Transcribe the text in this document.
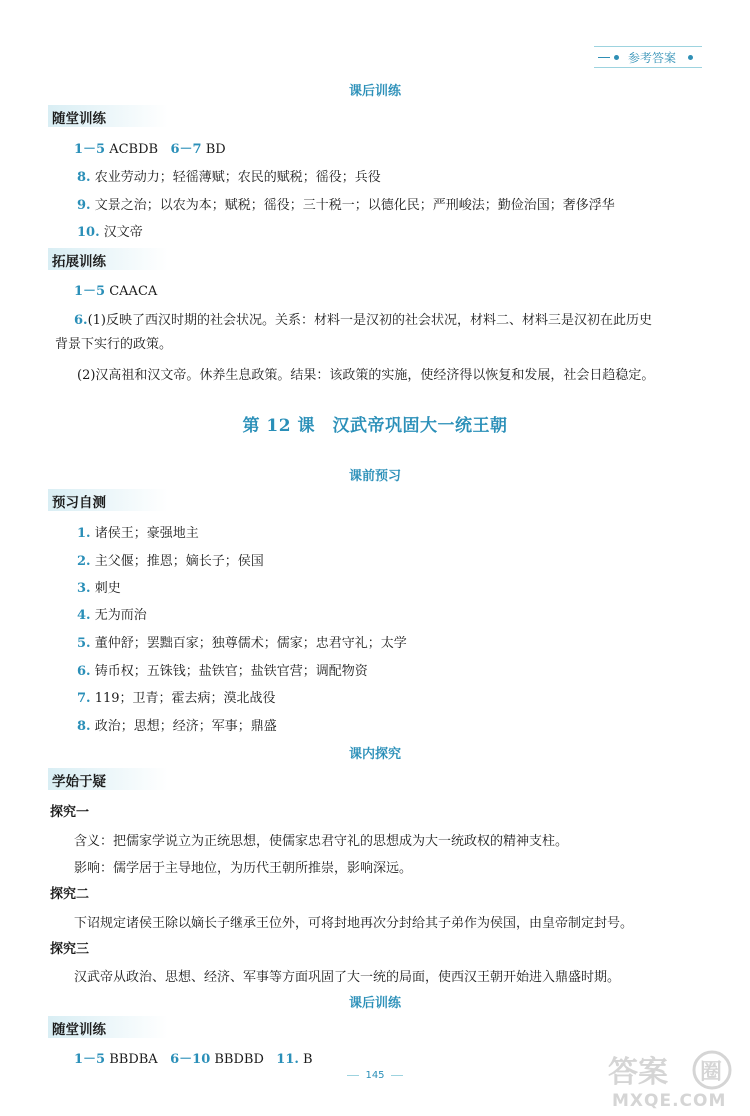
参考答案
课后训练
随堂训练
1－5 ACBDB 6－7 BD
8. 农业劳动力；轻徭薄赋；农民的赋税；徭役；兵役
9. 文景之治；以农为本；赋税；徭役；三十税一；以德化民；严刑峻法；勤俭治国；奢侈浮华
10. 汉文帝
拓展训练
1－5 CAACA
6.(1)反映了西汉时期的社会状况。关系：材料一是汉初的社会状况，材料二、材料三是汉初在此历史
背景下实行的政策。
(2)汉高祖和汉文帝。休养生息政策。结果：该政策的实施，使经济得以恢复和发展，社会日趋稳定。
第 12 课　汉武帝巩固大一统王朝
课前预习
预习自测
1. 诸侯王；豪强地主
2. 主父偃；推恩；嫡长子；侯国
3. 刺史
4. 无为而治
5. 董仲舒；罢黜百家；独尊儒术；儒家；忠君守礼；太学
6. 铸币权；五铢钱；盐铁官；盐铁官营；调配物资
7. 119；卫青；霍去病；漠北战役
8. 政治；思想；经济；军事；鼎盛
课内探究
学始于疑
探究一
含义：把儒家学说立为正统思想，使儒家忠君守礼的思想成为大一统政权的精神支柱。
影响：儒学居于主导地位，为历代王朝所推崇，影响深远。
探究二
下诏规定诸侯王除以嫡长子继承王位外，可将封地再次分封给其子弟作为侯国，由皇帝制定封号。
探究三
汉武帝从政治、思想、经济、军事等方面巩固了大一统的局面，使西汉王朝开始进入鼎盛时期。
课后训练
随堂训练
1－5 BBDBA 6－10 BBDBD 11. B
145	答案 圈
MXQE.COM
